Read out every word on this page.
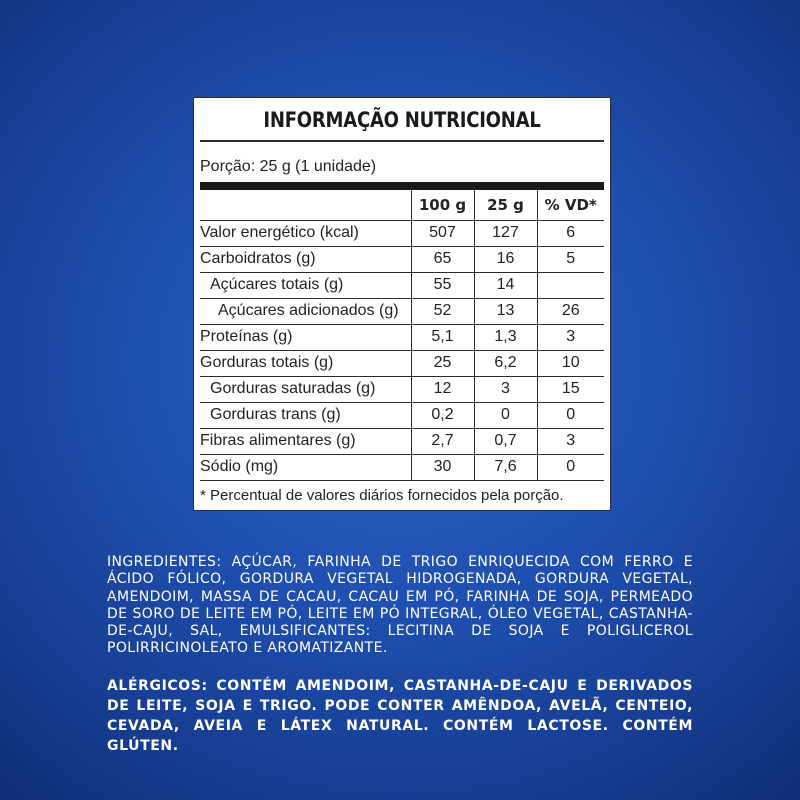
INFORMAÇÃO NUTRICIONAL
Porção: 25 g (1 unidade)
	100 g	25 g	% VD*
Valor energético (kcal)	507	127	6
Carboidratos (g)	65	16	5
Açúcares totais (g)	55	14	
Açúcares adicionados (g)	52	13	26
Proteínas (g)	5,1	1,3	3
Gorduras totais (g)	25	6,2	10
Gorduras saturadas (g)	12	3	15
Gorduras trans (g)	0,2	0	0
Fibras alimentares (g)	2,7	0,7	3
Sódio (mg)	30	7,6	0
* Percentual de valores diários fornecidos pela porção.
INGREDIENTES: AÇÚCAR, FARINHA DE TRIGO ENRIQUECIDA COM FERRO E ÁCIDO FÓLICO, GORDURA VEGETAL HIDROGENADA, GORDURA VEGETAL, AMENDOIM, MASSA DE CACAU, CACAU EM PÓ, FARINHA DE SOJA, PERMEADO DE SORO DE LEITE EM PÓ, LEITE EM PÓ INTEGRAL, ÓLEO VEGETAL, CASTANHA-DE-CAJU, SAL, EMULSIFICANTES: LECITINA DE SOJA E POLIGLICEROL POLIRRICINOLEATO E AROMATIZANTE.
ALÉRGICOS: CONTÉM AMENDOIM, CASTANHA-DE-CAJU E DERIVADOS DE LEITE, SOJA E TRIGO. PODE CONTER AMÊNDOA, AVELÃ, CENTEIO, CEVADA, AVEIA E LÁTEX NATURAL. CONTÉM LACTOSE. CONTÉM GLÚTEN.
